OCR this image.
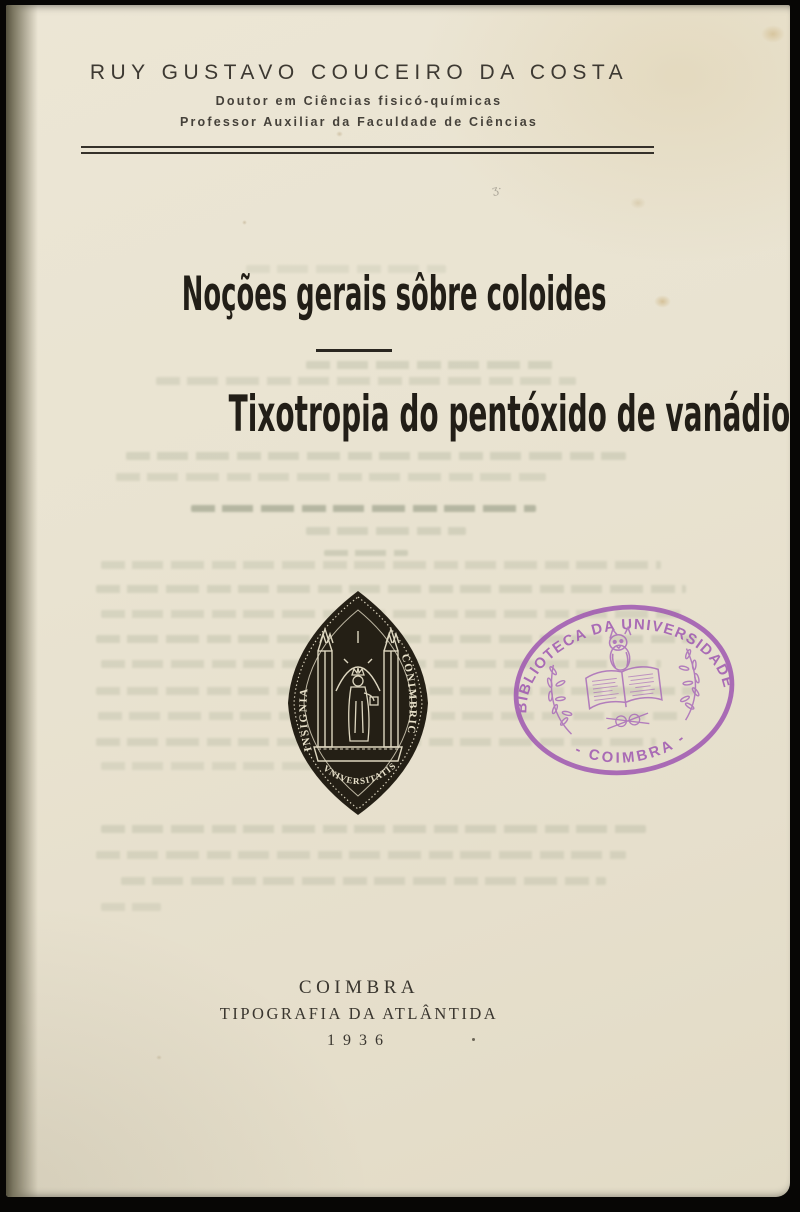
ʒ·
RUY GUSTAVO COUCEIRO DA COSTA
Doutor em Ciências fisicó-químicas
Professor Auxiliar da Faculdade de Ciências
Noções gerais sôbre coloides
Tixotropia do pentóxido de vanádio
COIMBRA
TIPOGRAFIA DA ATLÂNTIDA
1936
INSIGNIA
CONIMBRIC
VNIVERSITATIS
BIBLIOTECA DA UNIVERSIDADE
- COIMBRA -
